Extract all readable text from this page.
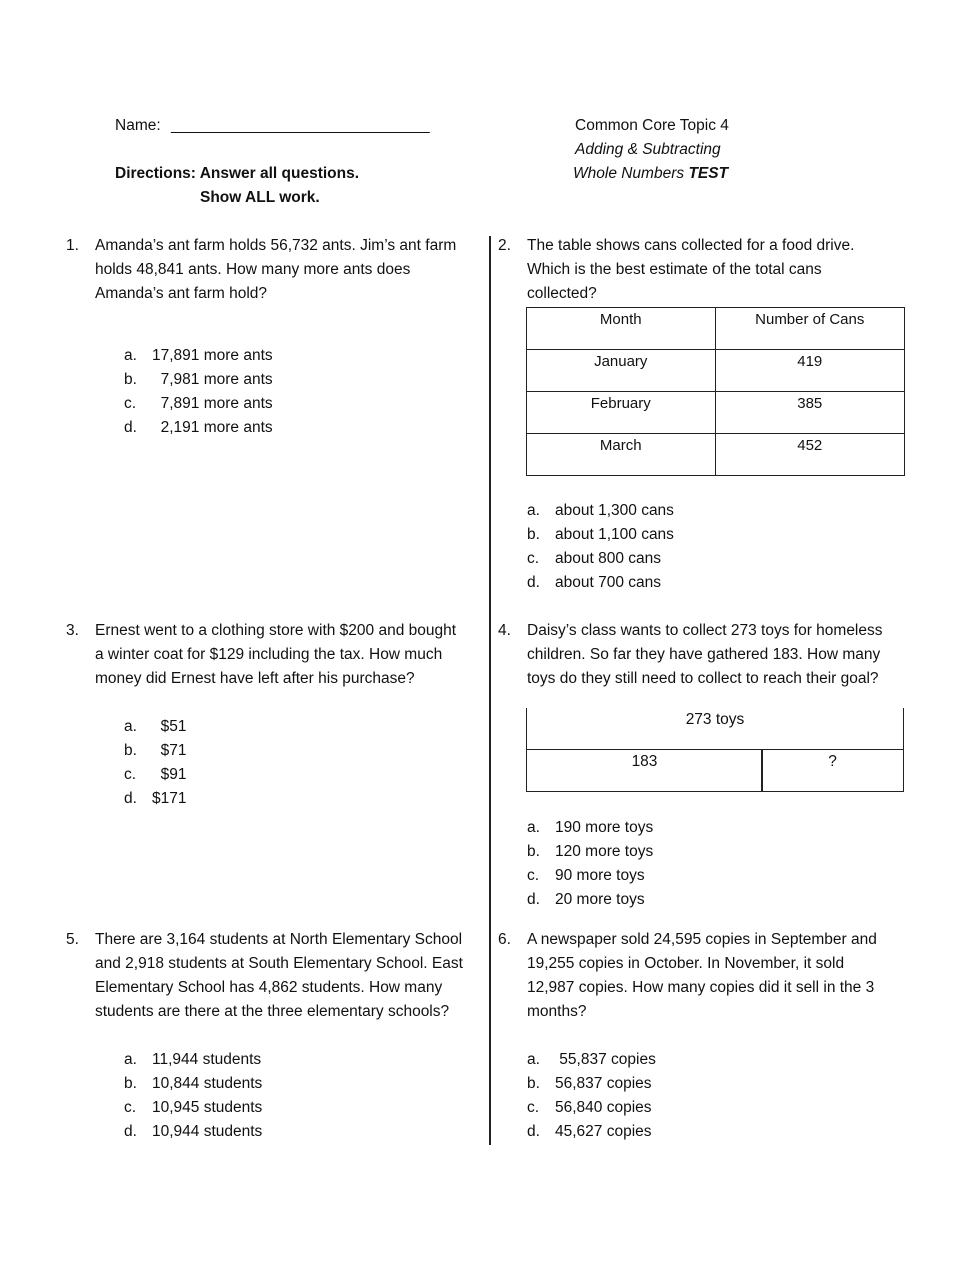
Name: ______________________________
Directions: Answer all questions.
Show ALL work.
Common Core Topic 4
Adding & Subtracting
Whole Numbers TEST
1.	Amanda’s ant farm holds 56,732 ants. Jim’s ant farm
holds 48,841 ants. How many more ants does
Amanda’s ant farm hold?
a. 17,891 more ants
b. 7,981 more ants
c.	7,891 more ants
d. 2,191 more ants
2.	The table shows cans collected for a food drive.
Which is the best estimate of the total cans
collected?
Month	Number of Cans
January	419
February	385
March	452
a. about 1,300 cans
b. about 1,100 cans
c.	about 800 cans
d. about 700 cans
3.	Ernest went to a clothing store with $200 and bought
a winter coat for $129 including the tax. How much
money did Ernest have left after his purchase?
a. $51
b. $71
c.	$91
d. $171
4.	Daisy’s class wants to collect 273 toys for homeless
children. So far they have gathered 183. How many
toys do they still need to collect to reach their goal?
273 toys
183	?
a. 190 more toys
b. 120 more toys
c.	90 more toys
d. 20 more toys
5.	There are 3,164 students at North Elementary School
and 2,918 students at South Elementary School. East
Elementary School has 4,862 students. How many
students are there at the three elementary schools?
a. 11,944 students
b. 10,844 students
c.	10,945 students
d. 10,944 students
6.	A newspaper sold 24,595 copies in September and
19,255 copies in October. In November, it sold
12,987 copies. How many copies did it sell in the 3
months?
a. 55,837 copies
b. 56,837 copies
c.	56,840 copies
d. 45,627 copies
